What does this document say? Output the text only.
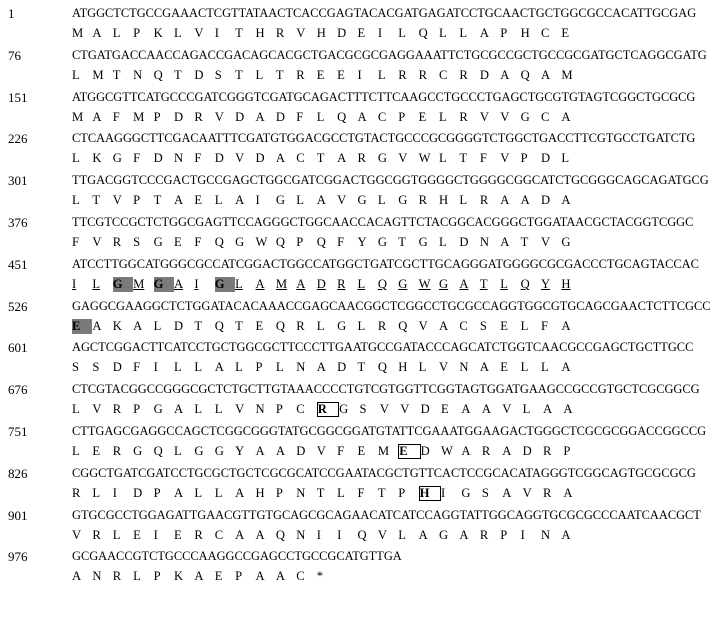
1	ATGGCTCTGCCGAAACTCGTTATAACTCACCGAGTACACGATGAGATCCTGCAACTGCTGGCGCCACATTGCGAG
M A L	P	K L	V I	T	H R V H D E	I	L	Q L	L	A P	H C E
76	CTGATGACCAACCAGACCGACAGCACGCTGACGCGCGAGGAAATTCTGCGCCGCTGCCGCGATGCTCAGGCGATG
L	M T	N Q T	D S	T	L	T	R E	E	I	L	R R C R D A Q A M
151	ATGGCGTTCATGCCCGATCGGGTCGATGCAGACTTTCTTCAAGCCTGCCCTGAGCTGCGTGTAGTCGGCTGCGCG
M A F	M P	D R V D A D F	L	Q A C P	E	L	R V V G C A
226	CTCAAGGGCTTCGACAATTTCGATGTGGACGCCTGTACTGCCCGCGGGGTCTGGCTGACCTTCGTGCCTGATCTG
L	K G F	D N F	D V D A C T	A R G V W L	T	F	V P	D L
301	TTGACGGTCCCGACTGCCGAGCTGGCGATCGGACTGGCGGTGGGGCTGGGGCGGCATCTGCGGGCAGCAGATGCG
L	T	V P	T	A E	L	A I	G L	A V G L	G R H L	R A A D A
376	TTCGTCCGCTCTGGCGAGTTCCAGGGCTGGCAACCACAGTTCTACGGCACGGGCTGGATAACGCTACGGTCGGC
F	V R S	G E	F	Q G W Q P	Q F	Y G T	G L	D N A T	V G
451	ATCCTTGGCATGGGCGCCATCGGACTGGCCATGGCTGATCGCTTGCAGGGATGGGGCGCGACCCTGCAGTACCAC
I	L	G M G A I	G L	A M A D R L	Q G W G A T	L	Q Y H
526	GAGGCGAAGGCTCTGGATACACAAACCGAGCAACGGCTCGGCCTGCGCCAGGTGGCGTGCAGCGAACTCTTCGCC
E A K A L	D T	Q T	E	Q R L	G L	R Q V A C S	E	L	F	A
601	AGCTCGGACTTCATCCTGCTGGCGCTTCCCTTGAATGCCGATACCCAGCATCTGGTCAACGCCGAGCTGCTTGCC
S	S	D F	I	L	L	A L	P	L	N A D T	Q H L	V N A E	L	L	A
676	CTCGTACGGCCGGGCGCTCTGCTTGTAAACCCCTGTCGTGGTTCGGTAGTGGATGAAGCCGCCGTGCTCGCGGCG
L	V R P	G A L	L	V N P	C	R G S	V V D E	A A V L	A A
751	CTTGAGCGAGGCCAGCTCGGCGGGTATGCGGCGGATGTATTCGAAATGGAAGACTGGGCTCGCGCGGACCGGCCG
L	E	R G Q L	G G Y A A D V F	E	M E	D W A R A D R P
826	CGGCTGATCGATCCTGCGCTGCTCGCGCATCCGAATACGCTGTTCACTCCGCACATAGGGTCGGCAGTGCGCGCG
R L	I	D P	A L	L	A H P	N T	L	F	T	P	H I	G S	A V R A
901	GTGCGCCTGGAGATTGAACGTTGTGCAGCGCAGAACATCATCCAGGTATTGGCAGGTGCGCGCCCAATCAACGCT
V R L	E	I	E	R C A A Q N I	I	Q V L	A G A R P	I	N A
976	GCGAACCGTCTGCCCAAGGCCGAGCCTGCCGCATGTTGA
A N R L	P	K A E	P	A A C *
